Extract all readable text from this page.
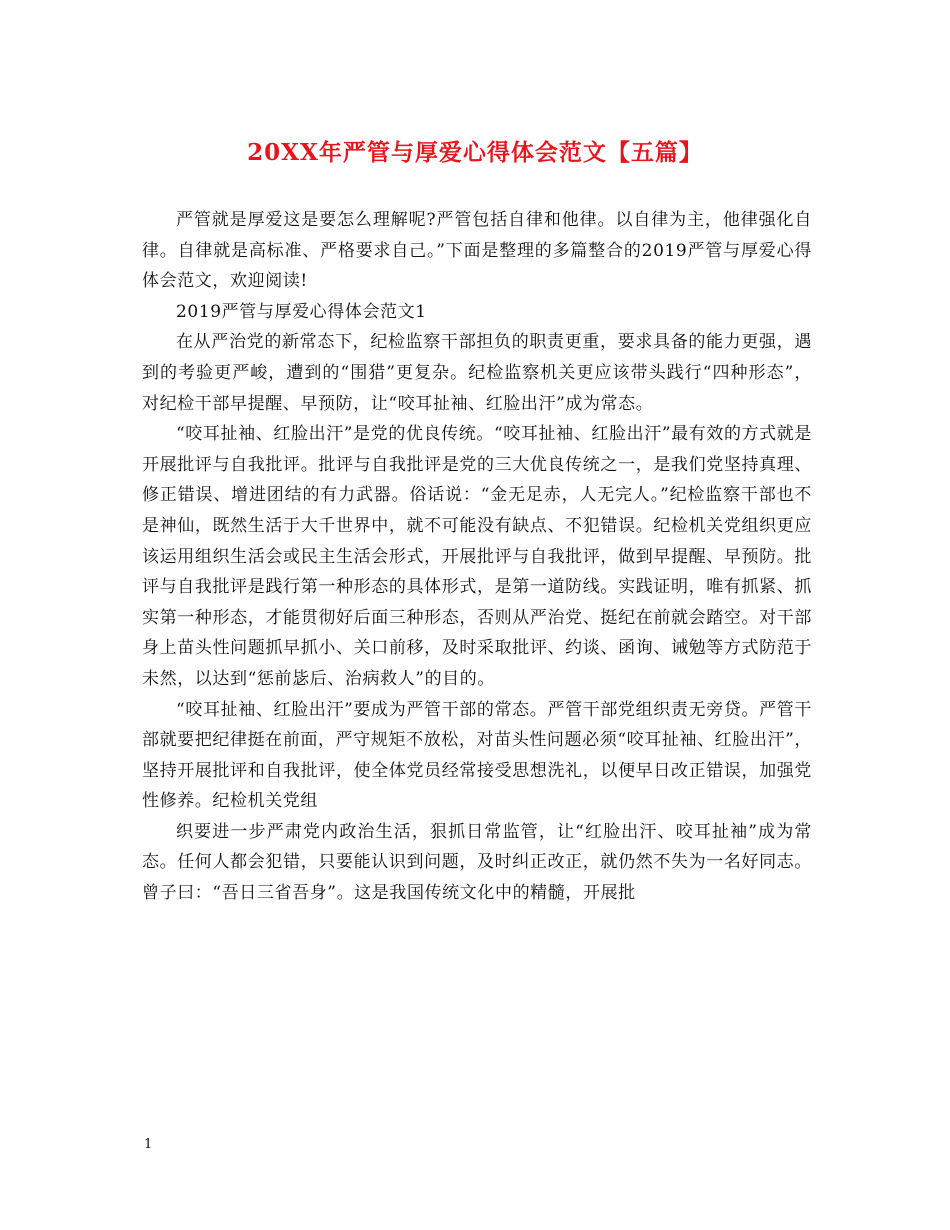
20XX年严管与厚爱心得体会范文【五篇】

严管就是厚爱这是要怎么理解呢?严管包括自律和他律。以自律为主，他律强化自律。自律就是高标准、严格要求自己。”下面是整理的多篇整合的2019严管与厚爱心得体会范文，欢迎阅读!

2019严管与厚爱心得体会范文1

在从严治党的新常态下，纪检监察干部担负的职责更重，要求具备的能力更强，遇到的考验更严峻，遭到的“围猎”更复杂。纪检监察机关更应该带头践行“四种形态”，对纪检干部早提醒、早预防，让“咬耳扯袖、红脸出汗”成为常态。

“咬耳扯袖、红脸出汗”是党的优良传统。“咬耳扯袖、红脸出汗”最有效的方式就是开展批评与自我批评。批评与自我批评是党的三大优良传统之一，是我们党坚持真理、修正错误、增进团结的有力武器。俗话说：“金无足赤，人无完人。”纪检监察干部也不是神仙，既然生活于大千世界中，就不可能没有缺点、不犯错误。纪检机关党组织更应该运用组织生活会或民主生活会形式，开展批评与自我批评，做到早提醒、早预防。批评与自我批评是践行第一种形态的具体形式，是第一道防线。实践证明，唯有抓紧、抓实第一种形态，才能贯彻好后面三种形态，否则从严治党、挺纪在前就会踏空。对干部身上苗头性问题抓早抓小、关口前移，及时采取批评、约谈、函询、诫勉等方式防范于未然，以达到“惩前毖后、治病救人”的目的。

“咬耳扯袖、红脸出汗”要成为严管干部的常态。严管干部党组织责无旁贷。严管干部就要把纪律挺在前面，严守规矩不放松，对苗头性问题必须“咬耳扯袖、红脸出汗”，坚持开展批评和自我批评，使全体党员经常接受思想洗礼，以便早日改正错误，加强党性修养。纪检机关党组

织要进一步严肃党内政治生活，狠抓日常监管，让“红脸出汗、咬耳扯袖”成为常态。任何人都会犯错，只要能认识到问题，及时纠正改正，就仍然不失为一名好同志。曾子曰：“吾日三省吾身”。这是我国传统文化中的精髓，开展批

1
